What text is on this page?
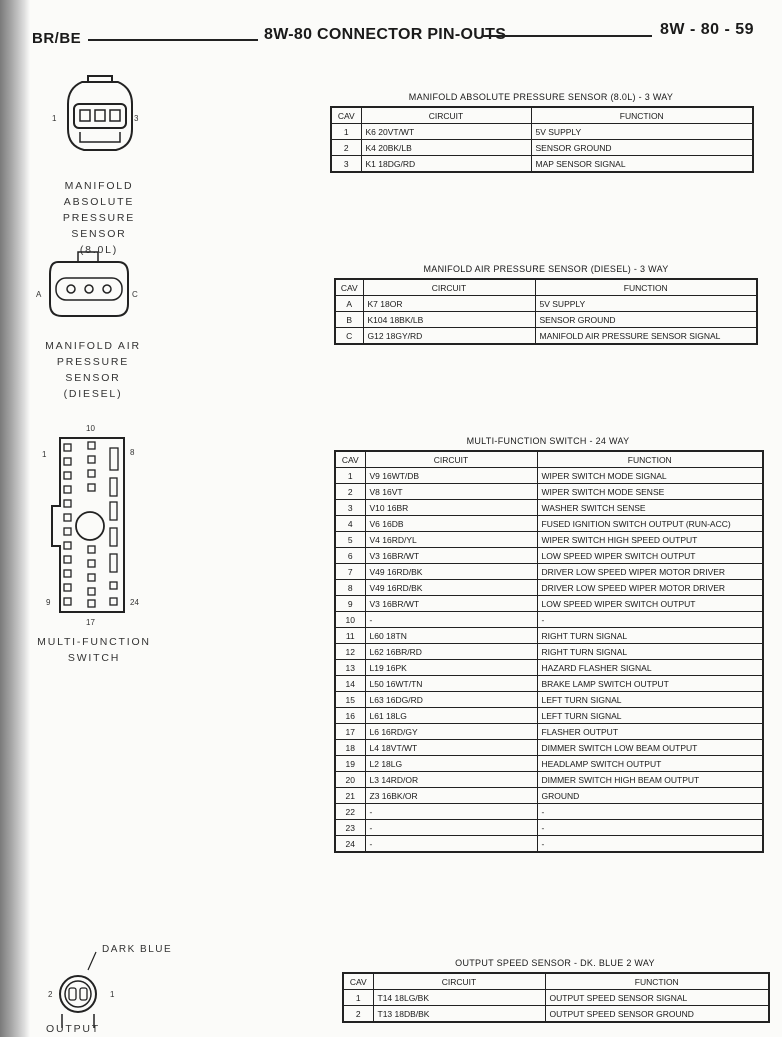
BR/BE	8W-80 CONNECTOR PIN-OUTS	8W - 80 - 59
1	3
MANIFOLD ABSOLUTE
PRESSURE SENSOR
(8.0L)
MANIFOLD ABSOLUTE PRESSURE SENSOR (8.0L) - 3 WAY
CAV	CIRCUIT	FUNCTION
1	K6 20VT/WT	5V SUPPLY
2	K4 20BK/LB	SENSOR GROUND
3	K1 18DG/RD	MAP SENSOR SIGNAL
A	C
MANIFOLD AIR
PRESSURE SENSOR
(DIESEL)
MANIFOLD AIR PRESSURE SENSOR (DIESEL) - 3 WAY
CAV	CIRCUIT	FUNCTION
A	K7 18OR	5V SUPPLY
B	K104 18BK/LB	SENSOR GROUND
C	G12 18GY/RD	MANIFOLD AIR PRESSURE SENSOR SIGNAL
10
1	8
9	24
17
MULTI-FUNCTION
SWITCH
MULTI-FUNCTION SWITCH - 24 WAY
CAV	CIRCUIT	FUNCTION
1	V9 16WT/DB	WIPER SWITCH MODE SIGNAL
2	V8 16VT	WIPER SWITCH MODE SENSE
3	V10 16BR	WASHER SWITCH SENSE
4	V6 16DB	FUSED IGNITION SWITCH OUTPUT (RUN-ACC)
5	V4 16RD/YL	WIPER SWITCH HIGH SPEED OUTPUT
6	V3 16BR/WT	LOW SPEED WIPER SWITCH OUTPUT
7	V49 16RD/BK	DRIVER LOW SPEED WIPER MOTOR DRIVER
8	V49 16RD/BK	DRIVER LOW SPEED WIPER MOTOR DRIVER
9	V3 16BR/WT	LOW SPEED WIPER SWITCH OUTPUT
10	-	-
11	L60 18TN	RIGHT TURN SIGNAL
12	L62 16BR/RD	RIGHT TURN SIGNAL
13	L19 16PK	HAZARD FLASHER SIGNAL
14	L50 16WT/TN	BRAKE LAMP SWITCH OUTPUT
15	L63 16DG/RD	LEFT TURN SIGNAL
16	L61 18LG	LEFT TURN SIGNAL
17	L6 16RD/GY	FLASHER OUTPUT
18	L4 18VT/WT	DIMMER SWITCH LOW BEAM OUTPUT
19	L2 18LG	HEADLAMP SWITCH OUTPUT
20	L3 14RD/OR	DIMMER SWITCH HIGH BEAM OUTPUT
21	Z3 16BK/OR	GROUND
22	-	-
23	-	-
24	-	-
DARK BLUE
2	1
OUTPUT
OUTPUT SPEED SENSOR - DK. BLUE 2 WAY
CAV	CIRCUIT	FUNCTION
1	T14 18LG/BK	OUTPUT SPEED SENSOR SIGNAL
2	T13 18DB/BK	OUTPUT SPEED SENSOR GROUND
